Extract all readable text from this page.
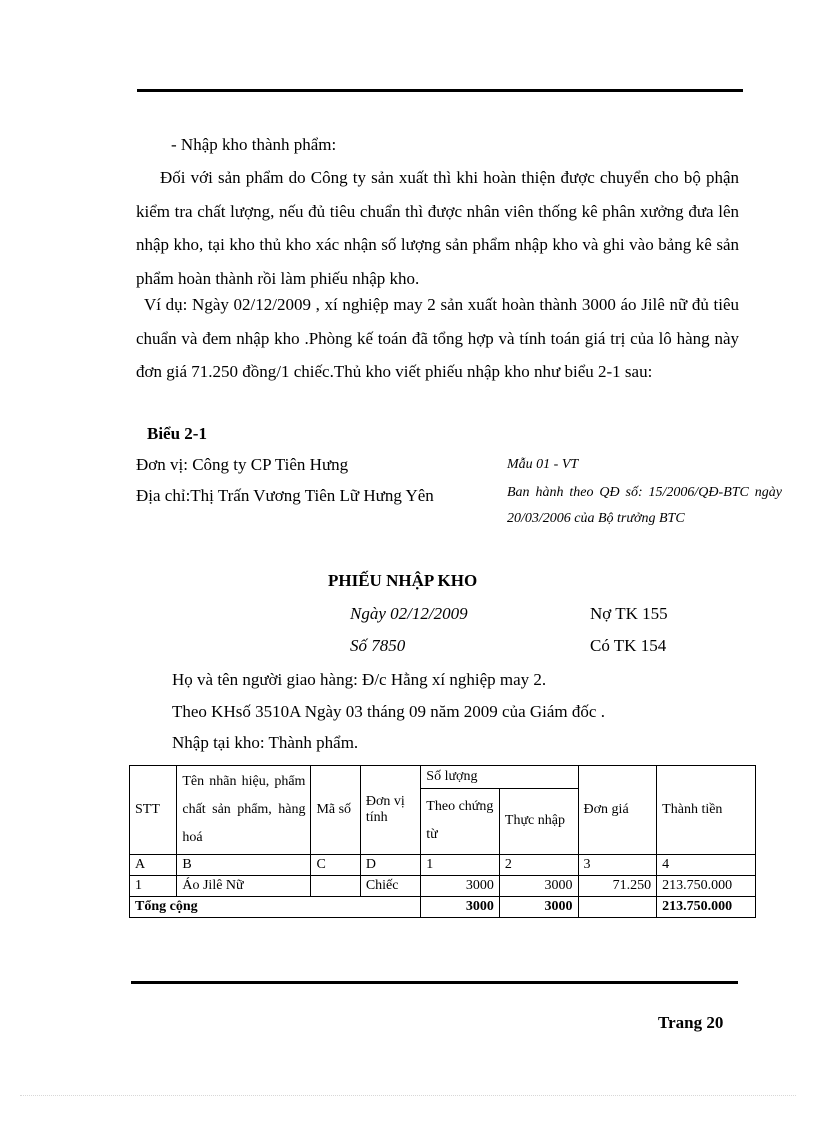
- Nhập kho thành phẩm:

Đối với sản phẩm do Công ty sản xuất thì khi hoàn thiện được chuyển cho bộ phận kiểm tra chất lượng, nếu đủ tiêu chuẩn thì được nhân viên thống kê phân xưởng đưa lên nhập kho, tại kho thủ kho xác nhận số lượng sản phẩm nhập kho và ghi vào bảng kê sản phẩm hoàn thành rồi làm phiếu nhập kho.

Ví dụ: Ngày 02/12/2009 , xí nghiệp may 2 sản xuất hoàn thành 3000 áo Jilê nữ đủ tiêu chuẩn và đem nhập kho .Phòng kế toán đã tổng hợp và tính toán giá trị của lô hàng này đơn giá 71.250 đồng/1 chiếc.Thủ kho viết phiếu nhập kho như biểu 2-1 sau:

Biểu 2-1
Đơn vị: Công ty CP Tiên Hưng
Địa chỉ:Thị Trấn Vương Tiên Lữ Hưng Yên
Mẫu 01 - VT
Ban hành theo QĐ số: 15/2006/QĐ-BTC ngày 20/03/2006 của Bộ trưởng BTC
PHIẾU NHẬP KHO
Ngày 02/12/2009
Số 7850
Nợ TK 155
Có TK 154
Họ và tên người giao hàng: Đ/c Hằng xí nghiệp may 2.
Theo KHsố 3510A Ngày 03 tháng 09 năm 2009 của Giám đốc .
Nhập tại kho: Thành phẩm.
STT	Tên nhãn hiệu, phẩm chất sản phẩm, hàng hoá	Mã số	Đơn vị tính	Số lượng		Đơn giá	Thành tiền
				Theo chứng từ	Thực nhập		
A	B	C	D	1	2	3	4
1	Áo Jilê Nữ		Chiếc	3000	3000	71.250	213.750.000
Tổng cộng				3000	3000		213.750.000
Trang 20
